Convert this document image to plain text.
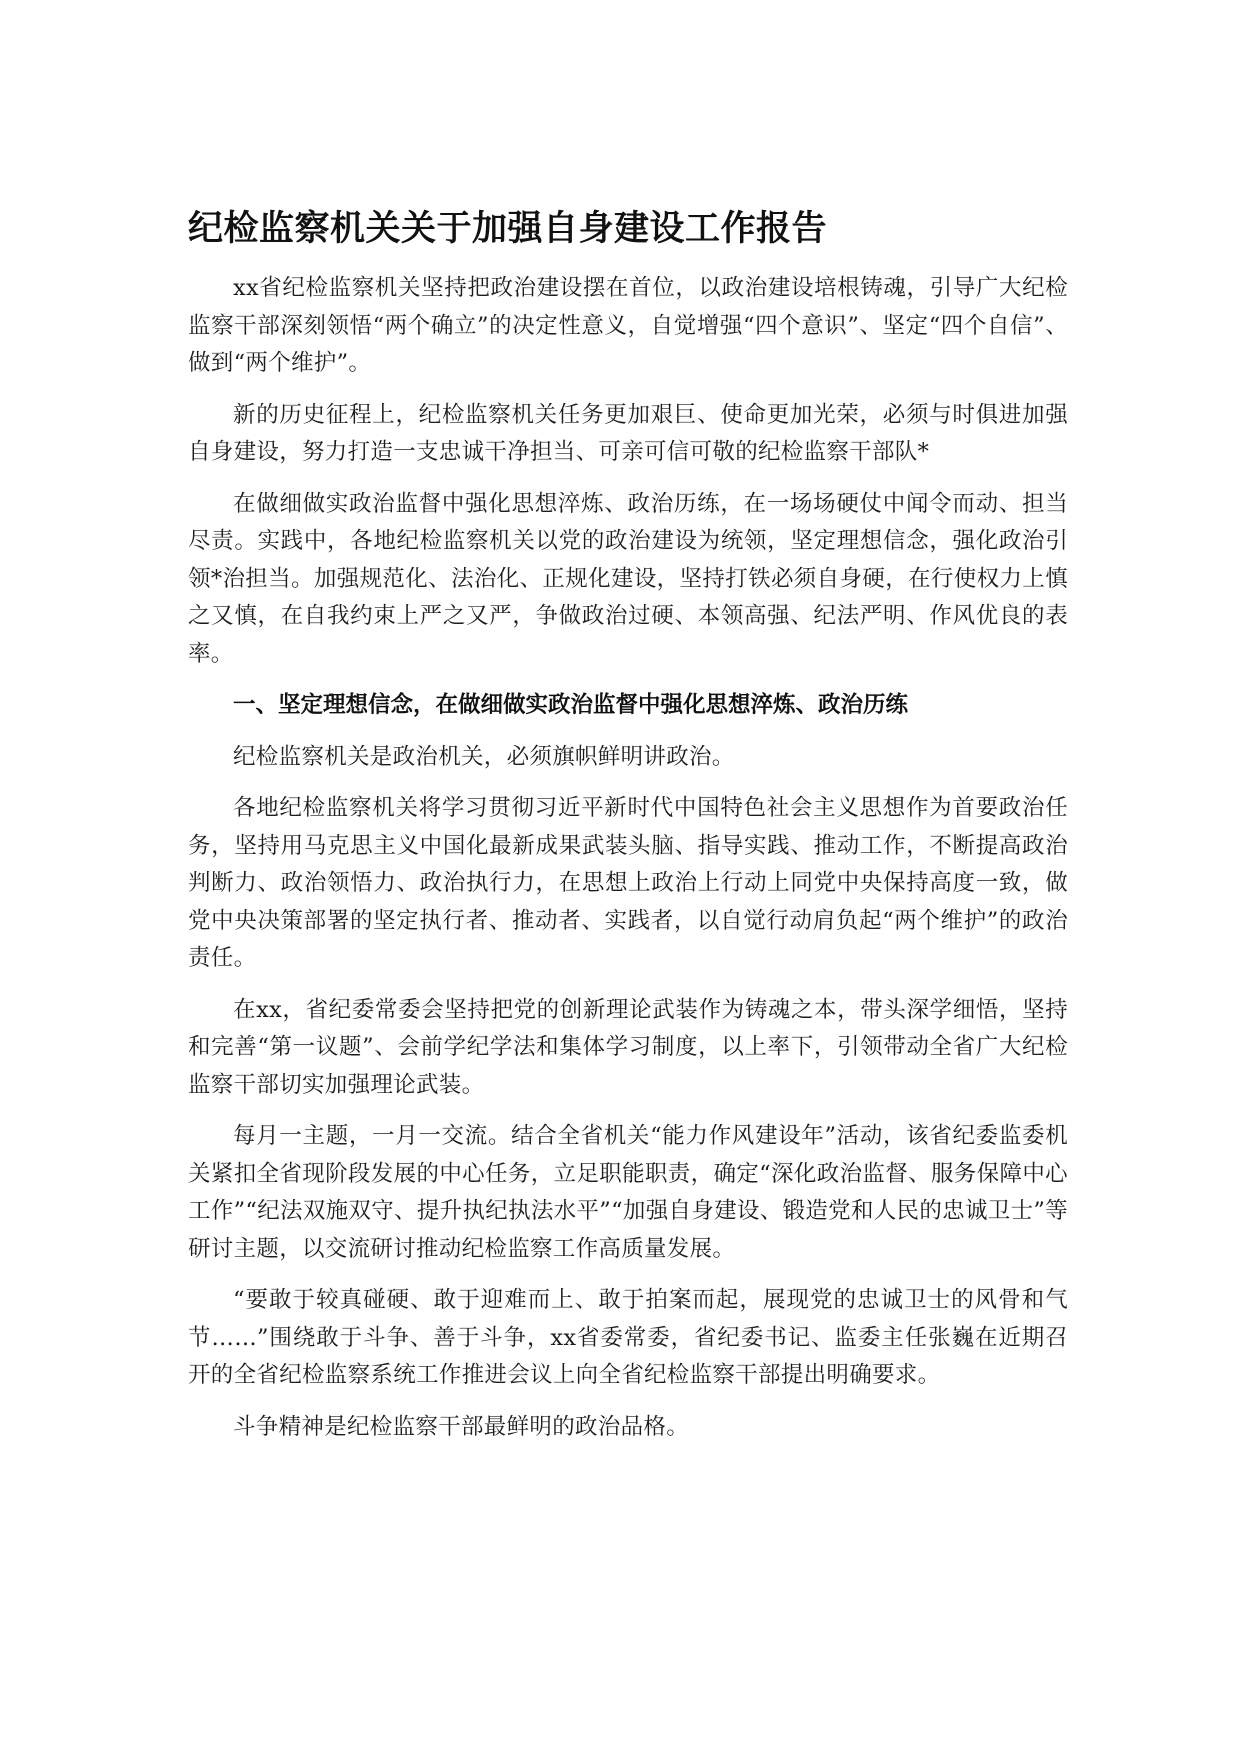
纪检监察机关关于加强自身建设工作报告

xx省纪检监察机关坚持把政治建设摆在首位，以政治建设培根铸魂，引导广大纪检监察干部深刻领悟“两个确立”的决定性意义，自觉增强“四个意识”、坚定“四个自信”、做到“两个维护”。

新的历史征程上，纪检监察机关任务更加艰巨、使命更加光荣，必须与时俱进加强自身建设，努力打造一支忠诚干净担当、可亲可信可敬的纪检监察干部队*

在做细做实政治监督中强化思想淬炼、政治历练，在一场场硬仗中闻令而动、担当尽责。实践中，各地纪检监察机关以党的政治建设为统领，坚定理想信念，强化政治引领*治担当。加强规范化、法治化、正规化建设，坚持打铁必须自身硬，在行使权力上慎之又慎，在自我约束上严之又严，争做政治过硬、本领高强、纪法严明、作风优良的表率。

一、坚定理想信念，在做细做实政治监督中强化思想淬炼、政治历练

纪检监察机关是政治机关，必须旗帜鲜明讲政治。

各地纪检监察机关将学习贯彻习近平新时代中国特色社会主义思想作为首要政治任务，坚持用马克思主义中国化最新成果武装头脑、指导实践、推动工作，不断提高政治判断力、政治领悟力、政治执行力，在思想上政治上行动上同党中央保持高度一致，做党中央决策部署的坚定执行者、推动者、实践者，以自觉行动肩负起“两个维护”的政治责任。

在xx，省纪委常委会坚持把党的创新理论武装作为铸魂之本，带头深学细悟，坚持和完善“第一议题”、会前学纪学法和集体学习制度，以上率下，引领带动全省广大纪检监察干部切实加强理论武装。

每月一主题，一月一交流。结合全省机关“能力作风建设年”活动，该省纪委监委机关紧扣全省现阶段发展的中心任务，立足职能职责，确定“深化政治监督、服务保障中心工作”“纪法双施双守、提升执纪执法水平”“加强自身建设、锻造党和人民的忠诚卫士”等研讨主题，以交流研讨推动纪检监察工作高质量发展。

“要敢于较真碰硬、敢于迎难而上、敢于拍案而起，展现党的忠诚卫士的风骨和气节……”围绕敢于斗争、善于斗争，xx省委常委，省纪委书记、监委主任张巍在近期召开的全省纪检监察系统工作推进会议上向全省纪检监察干部提出明确要求。

斗争精神是纪检监察干部最鲜明的政治品格。
